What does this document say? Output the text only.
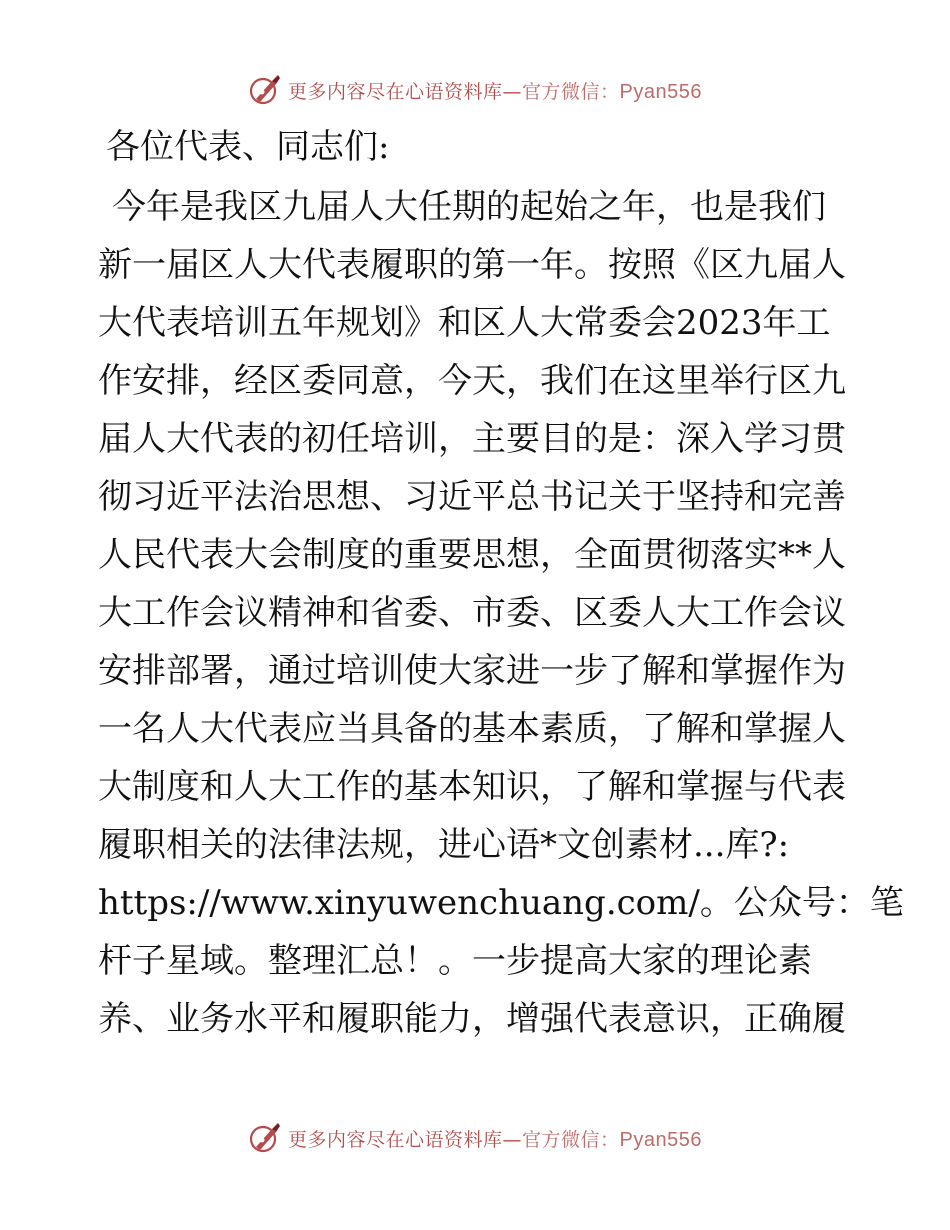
更多内容尽在心语资料库—官方微信：Pyan556
各位代表、同志们:
今年是我区九届人大任期的起始之年，也是我们
新一届区人大代表履职的第一年。按照《区九届人
大代表培训五年规划》和区人大常委会2023年工
作安排，经区委同意，今天，我们在这里举行区九
届人大代表的初任培训，主要目的是：深入学习贯
彻习近平法治思想、习近平总书记关于坚持和完善
人民代表大会制度的重要思想，全面贯彻落实**人
大工作会议精神和省委、市委、区委人大工作会议
安排部署，通过培训使大家进一步了解和掌握作为
一名人大代表应当具备的基本素质，了解和掌握人
大制度和人大工作的基本知识，了解和掌握与代表
履职相关的法律法规，进心语*文创素材...库?:
https://www.xinyuwenchuang.com/。公众号：笔
杆子星域。整理汇总！。一步提高大家的理论素
养、业务水平和履职能力，增强代表意识，正确履
更多内容尽在心语资料库—官方微信：Pyan556
